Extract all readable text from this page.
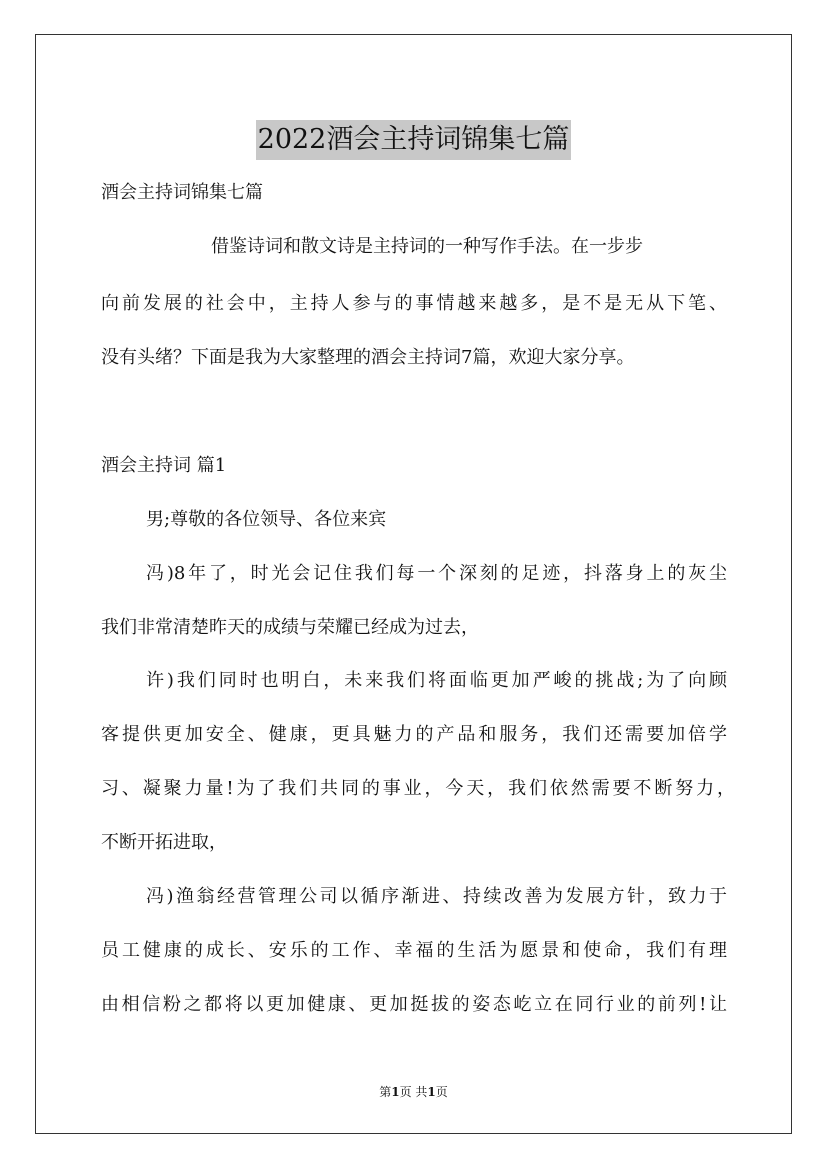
2022酒会主持词锦集七篇
酒会主持词锦集七篇
借鉴诗词和散文诗是主持词的一种写作手法。在一步步
向前发展的社会中，主持人参与的事情越来越多，是不是无从下笔、
没有头绪？下面是我为大家整理的酒会主持词7篇，欢迎大家分享。
酒会主持词 篇1
男;尊敬的各位领导、各位来宾
冯)8年了，时光会记住我们每一个深刻的足迹，抖落身上的灰尘
我们非常清楚昨天的成绩与荣耀已经成为过去，
许)我们同时也明白，未来我们将面临更加严峻的挑战;为了向顾
客提供更加安全、健康，更具魅力的产品和服务，我们还需要加倍学
习、凝聚力量!为了我们共同的事业，今天，我们依然需要不断努力，
不断开拓进取，
冯)渔翁经营管理公司以循序渐进、持续改善为发展方针，致力于
员工健康的成长、安乐的工作、幸福的生活为愿景和使命，我们有理
由相信粉之都将以更加健康、更加挺拔的姿态屹立在同行业的前列!让
第1页 共1页
